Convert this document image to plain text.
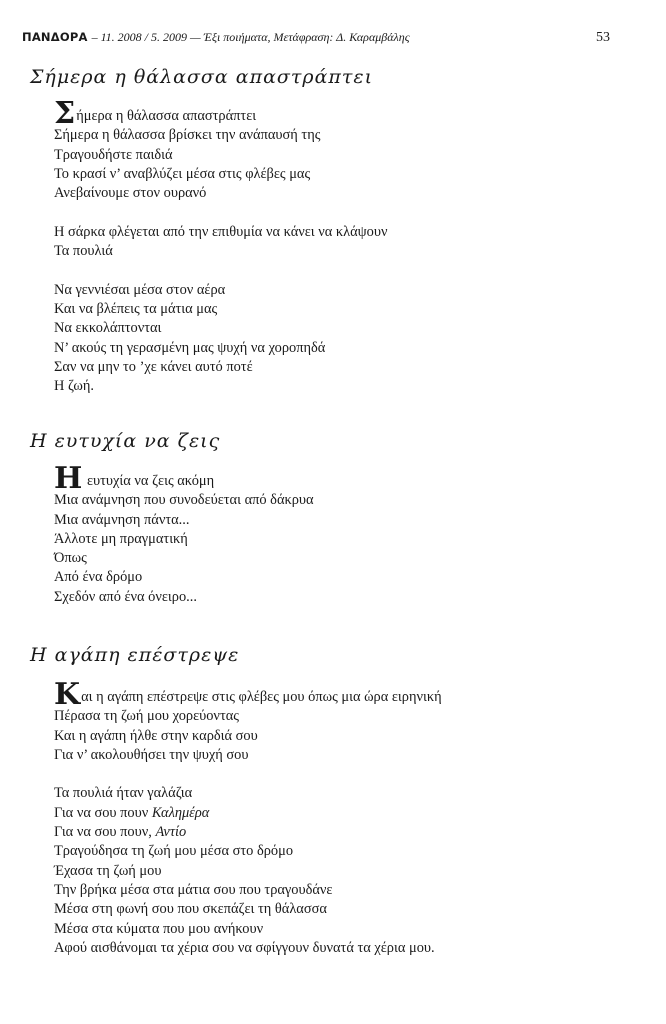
ΠΑΝΔΟΡΑ – 11. 2008 / 5. 2009 — Έξι ποιήματα, Μετάφραση: Δ. Καραμβάλης	53
Σήμερα η θάλασσα απαστράπτει
Σήμερα η θάλασσα απαστράπτει
Σήμερα η θάλασσα βρίσκει την ανάπαυσή της
Τραγουδήστε παιδιά
Το κρασί ν’ αναβλύζει μέσα στις φλέβες μας
Ανεβαίνουμε στον ουρανό
Η σάρκα φλέγεται από την επιθυμία να κάνει να κλάψουν
Τα πουλιά
Να γεννιέσαι μέσα στον αέρα
Και να βλέπεις τα μάτια μας
Να εκκολάπτονται
Ν’ ακούς τη γερασμένη μας ψυχή να χοροπηδά
Σαν να μην το ’χε κάνει αυτό ποτέ
Η ζωή.
Η ευτυχία να ζεις
Η ευτυχία να ζεις ακόμη
Μια ανάμνηση που συνοδεύεται από δάκρυα
Μια ανάμνηση πάντα...
Άλλοτε μη πραγματική
Όπως
Από ένα δρόμο
Σχεδόν από ένα όνειρο...
Η αγάπη επέστρεψε
Και η αγάπη επέστρεψε στις φλέβες μου όπως μια ώρα ειρηνική
Πέρασα τη ζωή μου χορεύοντας
Και η αγάπη ήλθε στην καρδιά σου
Για ν’ ακολουθήσει την ψυχή σου
Τα πουλιά ήταν γαλάζια
Για να σου πουν Καλημέρα
Για να σου πουν, Αντίο
Τραγούδησα τη ζωή μου μέσα στο δρόμο
Έχασα τη ζωή μου
Την βρήκα μέσα στα μάτια σου που τραγουδάνε
Μέσα στη φωνή σου που σκεπάζει τη θάλασσα
Μέσα στα κύματα που μου ανήκουν
Αφού αισθάνομαι τα χέρια σου να σφίγγουν δυνατά τα χέρια μου.
